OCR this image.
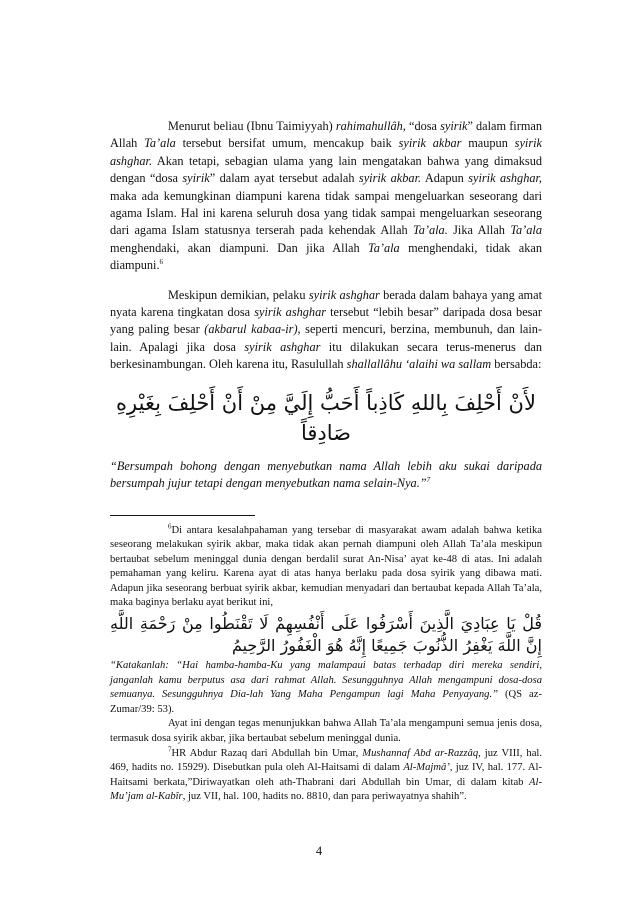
Menurut beliau (Ibnu Taimiyyah) rahimahullâh, “dosa syirik” dalam firman Allah Ta’ala tersebut bersifat umum, mencakup baik syirik akbar maupun syirik ashghar. Akan tetapi, sebagian ulama yang lain mengatakan bahwa yang dimaksud dengan “dosa syirik” dalam ayat tersebut adalah syirik akbar. Adapun syirik ashghar, maka ada kemungkinan diampuni karena tidak sampai mengeluarkan seseorang dari agama Islam. Hal ini karena seluruh dosa yang tidak sampai mengeluarkan seseorang dari agama Islam statusnya terserah pada kehendak Allah Ta’ala. Jika Allah Ta’ala menghendaki, akan diampuni. Dan jika Allah Ta’ala menghendaki, tidak akan diampuni.$^6$

Meskipun demikian, pelaku syirik ashghar berada dalam bahaya yang amat nyata karena tingkatan dosa syirik ashghar tersebut “lebih besar” daripada dosa besar yang paling besar (akbarul kabaa-ir), seperti mencuri, berzina, membunuh, dan lain-lain. Apalagi jika dosa syirik ashghar itu dilakukan secara terus-menerus dan berkesinambungan. Oleh karena itu, Rasulullah shallallâhu ‘alaihi wa sallam bersabda:

لأَنْ أَحْلِفَ بِاللهِ كَاذِباً أَحَبُّ إِلَيَّ مِنْ أَنْ أَحْلِفَ بِغَيْرِهِ صَادِقاً

“Bersumpah bohong dengan menyebutkan nama Allah lebih aku sukai daripada bersumpah jujur tetapi dengan menyebutkan nama selain-Nya.”$^7$

$^6$Di antara kesalahpahaman yang tersebar di masyarakat awam adalah bahwa ketika seseorang melakukan syirik akbar, maka tidak akan pernah diampuni oleh Allah Ta’ala meskipun bertaubat sebelum meninggal dunia dengan berdalil surat An-Nisa’ ayat ke-48 di atas. Ini adalah pemahaman yang keliru. Karena ayat di atas hanya berlaku pada dosa syirik yang dibawa mati. Adapun jika seseorang berbuat syirik akbar, kemudian menyadari dan bertaubat kepada Allah Ta’ala, maka baginya berlaku ayat berikut ini,

قُلْ يَا عِبَادِيَ الَّذِينَ أَسْرَفُوا عَلَى أَنْفُسِهِمْ لَا تَقْنَطُوا مِنْ رَحْمَةِ اللَّهِ إِنَّ اللَّهَ يَغْفِرُ الذُّنُوبَ جَمِيعًا إِنَّهُ هُوَ الْغَفُورُ الرَّحِيمُ

“Katakanlah: “Hai hamba-hamba-Ku yang malampaui batas terhadap diri mereka sendiri, janganlah kamu berputus asa dari rahmat Allah. Sesungguhnya Allah mengampuni dosa-dosa semuanya. Sesungguhnya Dia-lah Yang Maha Pengampun lagi Maha Penyayang.” (QS az-Zumar/39: 53).

Ayat ini dengan tegas menunjukkan bahwa Allah Ta’ala mengampuni semua jenis dosa, termasuk dosa syirik akbar, jika bertaubat sebelum meninggal dunia.

$^7$HR Abdur Razaq dari Abdullah bin Umar, Mushannaf Abd ar-Razzâq, juz VIII, hal. 469, hadits no. 15929). Disebutkan pula oleh Al-Haitsami di dalam Al-Majmâ’, juz IV, hal. 177. Al-Haitsami berkata,”Diriwayatkan oleh ath-Thabrani dari Abdullah bin Umar, di dalam kitab Al-Mu’jam al-Kabîr, juz VII, hal. 100, hadits no. 8810, dan para periwayatnya shahih”.

4
